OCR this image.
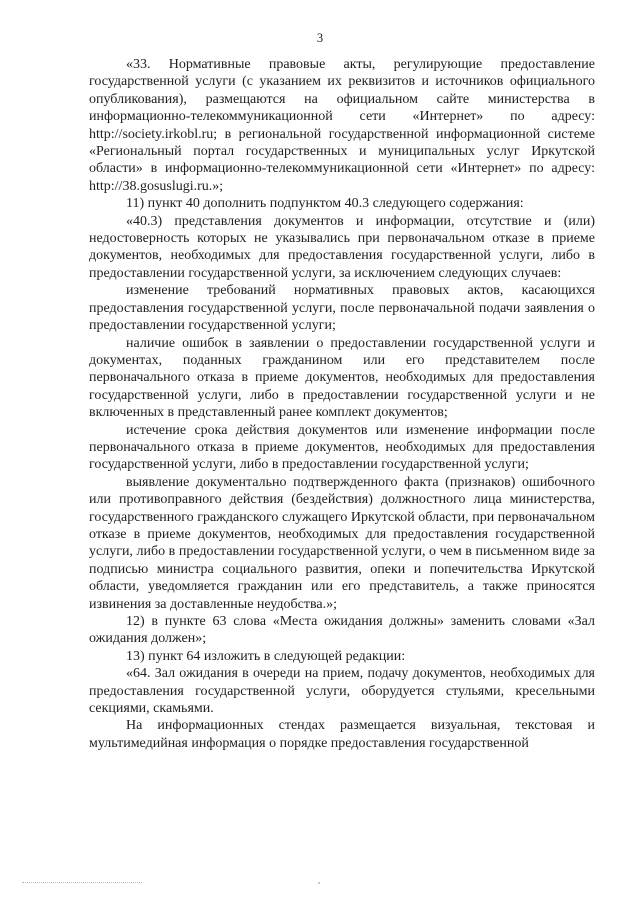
3

«33. Нормативные правовые акты, регулирующие предоставление государственной услуги (с указанием их реквизитов и источников официального опубликования), размещаются на официальном сайте министерства в информационно-телекоммуникационной сети «Интернет» по адресу: http://society.irkobl.ru; в региональной государственной информационной системе «Региональный портал государственных и муниципальных услуг Иркутской области» в информационно-телекоммуникационной сети «Интернет» по адресу: http://38.gosuslugi.ru.»;

11) пункт 40 дополнить подпунктом 40.3 следующего содержания:

«40.3) представления документов и информации, отсутствие и (или) недостоверность которых не указывались при первоначальном отказе в приеме документов, необходимых для предоставления государственной услуги, либо в предоставлении государственной услуги, за исключением следующих случаев:

изменение требований нормативных правовых актов, касающихся предоставления государственной услуги, после первоначальной подачи заявления о предоставлении государственной услуги;

наличие ошибок в заявлении о предоставлении государственной услуги и документах, поданных гражданином или его представителем после первоначального отказа в приеме документов, необходимых для предоставления государственной услуги, либо в предоставлении государственной услуги и не включенных в представленный ранее комплект документов;

истечение срока действия документов или изменение информации после первоначального отказа в приеме документов, необходимых для предоставления государственной услуги, либо в предоставлении государственной услуги;

выявление документально подтвержденного факта (признаков) ошибочного или противоправного действия (бездействия) должностного лица министерства, государственного гражданского служащего Иркутской области, при первоначальном отказе в приеме документов, необходимых для предоставления государственной услуги, либо в предоставлении государственной услуги, о чем в письменном виде за подписью министра социального развития, опеки и попечительства Иркутской области, уведомляется гражданин или его представитель, а также приносятся извинения за доставленные неудобства.»;

12) в пункте 63 слова «Места ожидания должны» заменить словами «Зал ожидания должен»;

13) пункт 64 изложить в следующей редакции:

«64. Зал ожидания в очереди на прием, подачу документов, необходимых для предоставления государственной услуги, оборудуется стульями, кресельными секциями, скамьями.

На информационных стендах размещается визуальная, текстовая и мультимедийная информация о порядке предоставления государственной
